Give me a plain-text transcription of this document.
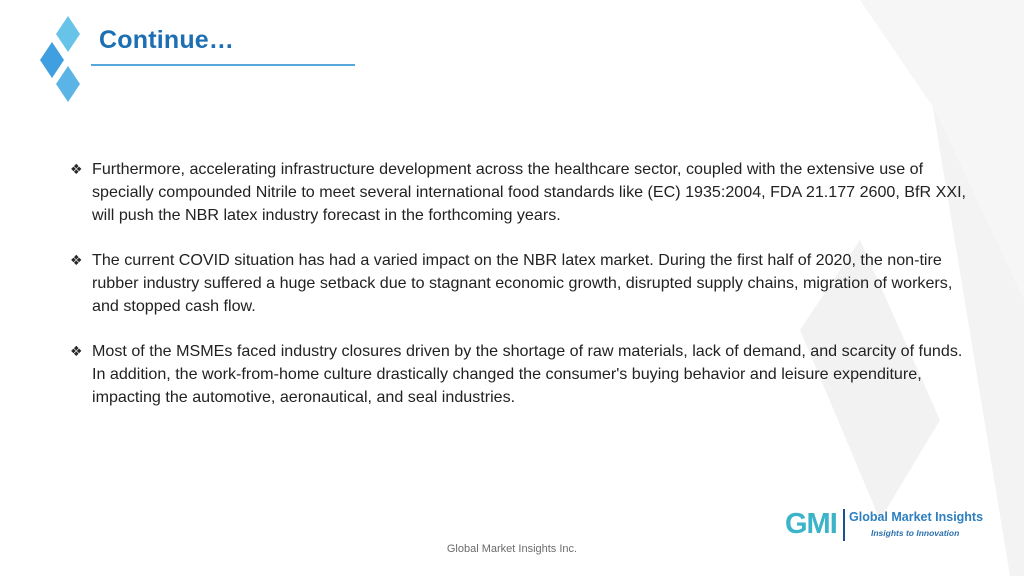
Continue…
❖ Furthermore, accelerating infrastructure development across the healthcare sector, coupled with the extensive use of specially compounded Nitrile to meet several international food standards like (EC) 1935:2004, FDA 21.177 2600, BfR XXI, will push the NBR latex industry forecast in the forthcoming years.
❖ The current COVID situation has had a varied impact on the NBR latex market. During the first half of 2020, the non-tire rubber industry suffered a huge setback due to stagnant economic growth, disrupted supply chains, migration of workers, and stopped cash flow.
❖ Most of the MSMEs faced industry closures driven by the shortage of raw materials, lack of demand, and scarcity of funds. In addition, the work-from-home culture drastically changed the consumer's buying behavior and leisure expenditure, impacting the automotive, aeronautical, and seal industries.
Global Market Insights Inc.
GMI Global Market Insights
Insights to Innovation
